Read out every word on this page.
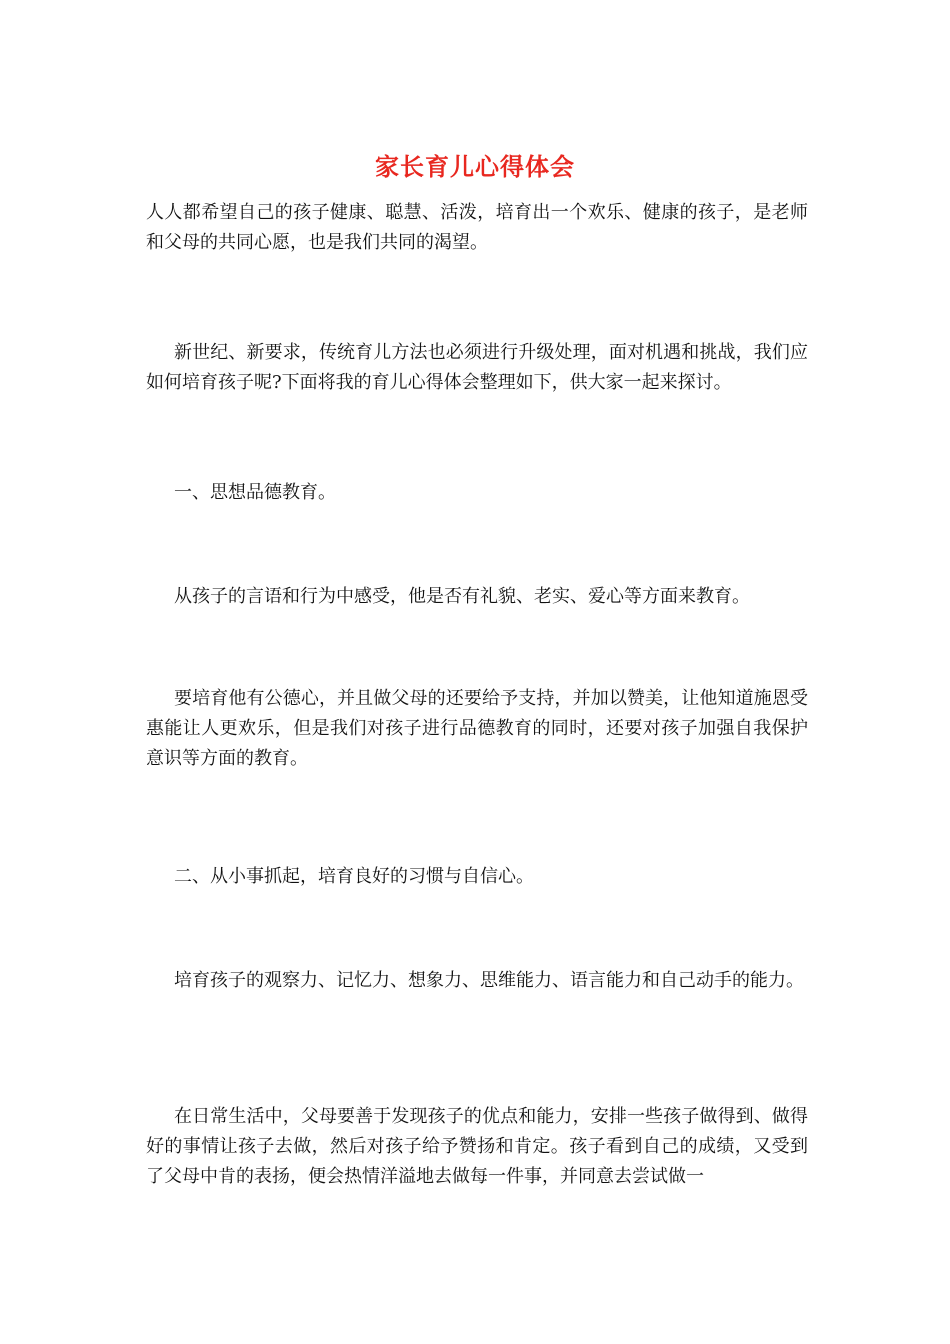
家长育儿心得体会

人人都希望自己的孩子健康、聪慧、活泼，培育出一个欢乐、健康的孩子，是老师和父母的共同心愿，也是我们共同的渴望。

新世纪、新要求，传统育儿方法也必须进行升级处理，面对机遇和挑战，我们应如何培育孩子呢?下面将我的育儿心得体会整理如下，供大家一起来探讨。

一、思想品德教育。

从孩子的言语和行为中感受，他是否有礼貌、老实、爱心等方面来教育。

要培育他有公德心，并且做父母的还要给予支持，并加以赞美，让他知道施恩受惠能让人更欢乐，但是我们对孩子进行品德教育的同时，还要对孩子加强自我保护意识等方面的教育。

二、从小事抓起，培育良好的习惯与自信心。

培育孩子的观察力、记忆力、想象力、思维能力、语言能力和自己动手的能力。

在日常生活中，父母要善于发现孩子的优点和能力，安排一些孩子做得到、做得好的事情让孩子去做，然后对孩子给予赞扬和肯定。孩子看到自己的成绩，又受到了父母中肯的表扬，便会热情洋溢地去做每一件事，并同意去尝试做一
